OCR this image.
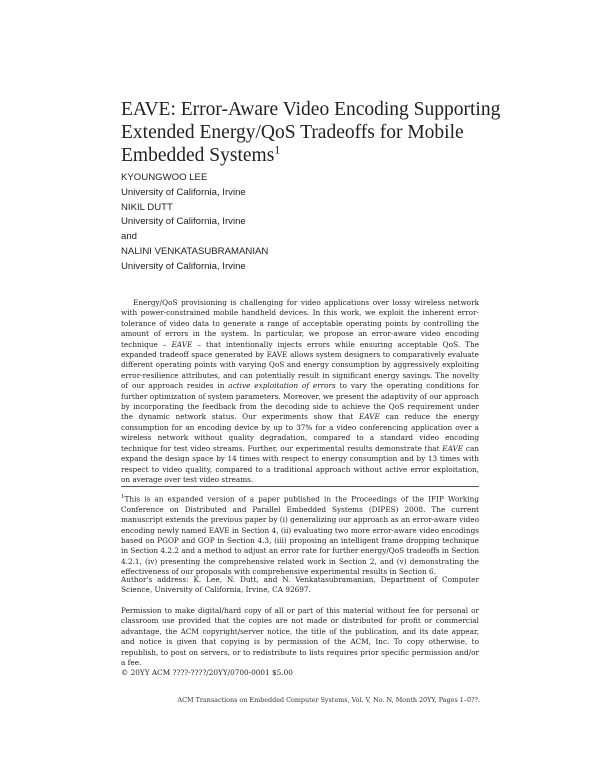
EAVE: Error-Aware Video Encoding Supporting
Extended Energy/QoS Tradeoffs for Mobile
Embedded Systems$^1$
KYOUNGWOO LEE
University of California, Irvine
NIKIL DUTT
University of California, Irvine
and
NALINI VENKATASUBRAMANIAN
University of California, Irvine
Energy/QoS provisioning is challenging for video applications over lossy wireless network with power-constrained mobile handheld devices. In this work, we exploit the inherent error-tolerance of video data to generate a range of acceptable operating points by controlling the amount of errors in the system. In particular, we propose an error-aware video encoding technique – EAVE – that intentionally injects errors while ensuring acceptable QoS. The expanded tradeoff space generated by EAVE allows system designers to comparatively evaluate different operating points with varying QoS and energy consumption by aggressively exploiting error-resilience attributes, and can potentially result in significant energy savings. The novelty of our approach resides in active exploitation of errors to vary the operating conditions for further optimization of system parameters. Moreover, we present the adaptivity of our approach by incorporating the feedback from the decoding side to achieve the QoS requirement under the dynamic network status. Our experiments show that EAVE can reduce the energy consumption for an encoding device by up to 37% for a video conferencing application over a wireless network without quality degradation, compared to a standard video encoding technique for test video streams. Further, our experimental results demonstrate that EAVE can expand the design space by 14 times with respect to energy consumption and by 13 times with respect to video quality, compared to a traditional approach without active error exploitation, on average over test video streams.
$^1$This is an expanded version of a paper published in the Proceedings of the IFIP Working Conference on Distributed and Parallel Embedded Systems (DIPES) 2008. The current manuscript extends the previous paper by (i) generalizing our approach as an error-aware video encoding newly named EAVE in Section 4, (ii) evaluating two more error-aware video encodings based on PGOP and GOP in Section 4.3, (iii) proposing an intelligent frame dropping technique in Section 4.2.2 and a method to adjust an error rate for further energy/QoS tradeoffs in Section 4.2.1, (iv) presenting the comprehensive related work in Section 2, and (v) demonstrating the effectiveness of our proposals with comprehensive experimental results in Section 6.
Author's address: K. Lee, N. Dutt, and N. Venkatasubramanian, Department of Computer Science, University of California, Irvine, CA 92697.
Permission to make digital/hard copy of all or part of this material without fee for personal or classroom use provided that the copies are not made or distributed for profit or commercial advantage, the ACM copyright/server notice, the title of the publication, and its date appear, and notice is given that copying is by permission of the ACM, Inc. To copy otherwise, to republish, to post on servers, or to redistribute to lists requires prior specific permission and/or a fee.
© 20YY ACM ????-????/20YY/0700-0001 $5.00
ACM Transactions on Embedded Computer Systems, Vol. V, No. N, Month 20YY, Pages 1–0??.
